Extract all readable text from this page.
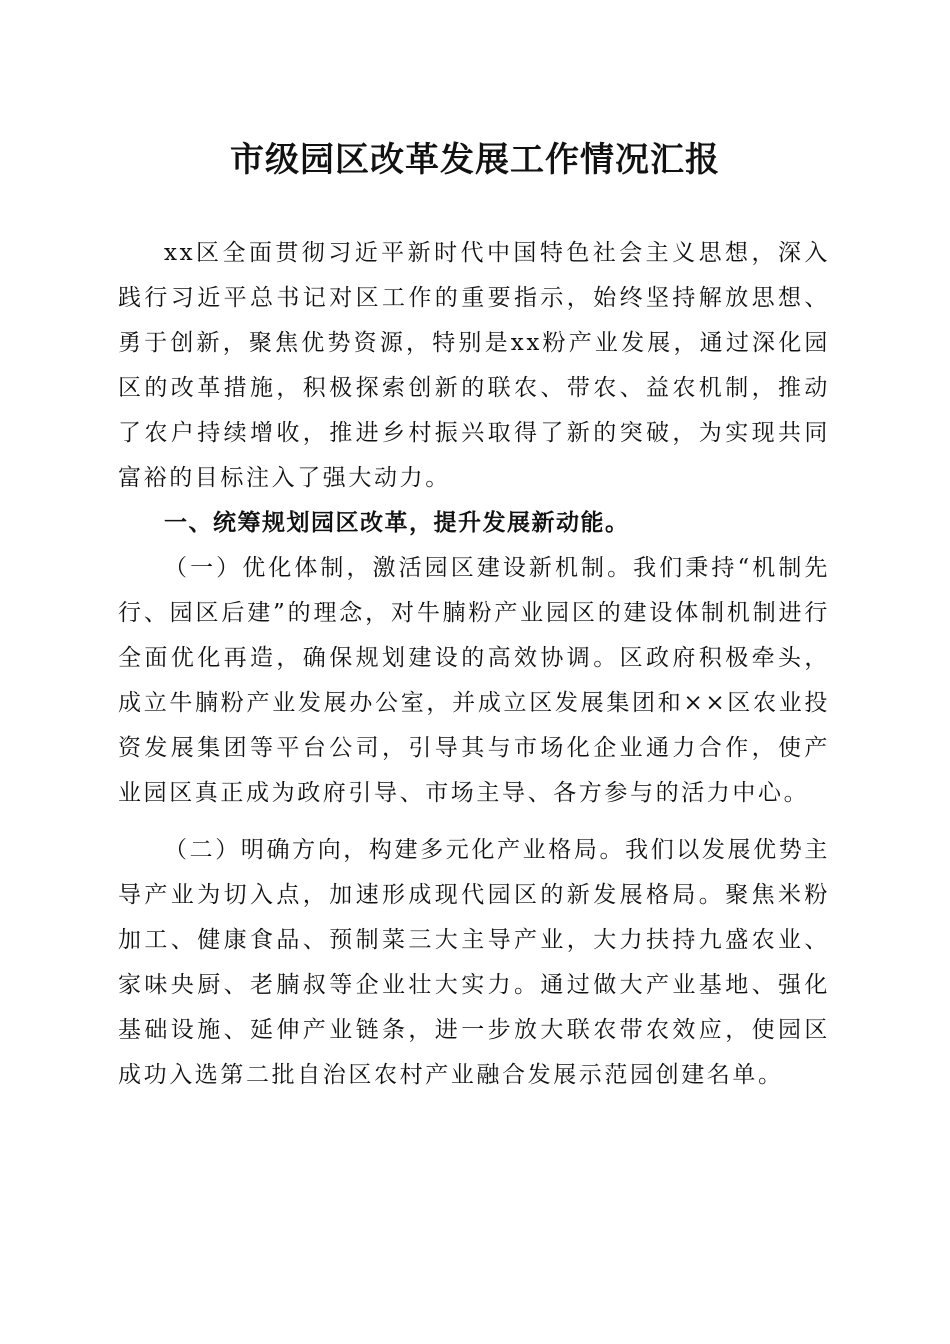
市级园区改革发展工作情况汇报

xx区全面贯彻习近平新时代中国特色社会主义思想，深入践行习近平总书记对区工作的重要指示，始终坚持解放思想、勇于创新，聚焦优势资源，特别是xx粉产业发展，通过深化园区的改革措施，积极探索创新的联农、带农、益农机制，推动了农户持续增收，推进乡村振兴取得了新的突破，为实现共同富裕的目标注入了强大动力。

一、统筹规划园区改革，提升发展新动能。

（一）优化体制，激活园区建设新机制。我们秉持“机制先行、园区后建”的理念，对牛腩粉产业园区的建设体制机制进行全面优化再造，确保规划建设的高效协调。区政府积极牵头，成立牛腩粉产业发展办公室，并成立区发展集团和××区农业投资发展集团等平台公司，引导其与市场化企业通力合作，使产业园区真正成为政府引导、市场主导、各方参与的活力中心。

（二）明确方向，构建多元化产业格局。我们以发展优势主导产业为切入点，加速形成现代园区的新发展格局。聚焦米粉加工、健康食品、预制菜三大主导产业，大力扶持九盛农业、家味央厨、老腩叔等企业壮大实力。通过做大产业基地、强化基础设施、延伸产业链条，进一步放大联农带农效应，使园区成功入选第二批自治区农村产业融合发展示范园创建名单。
